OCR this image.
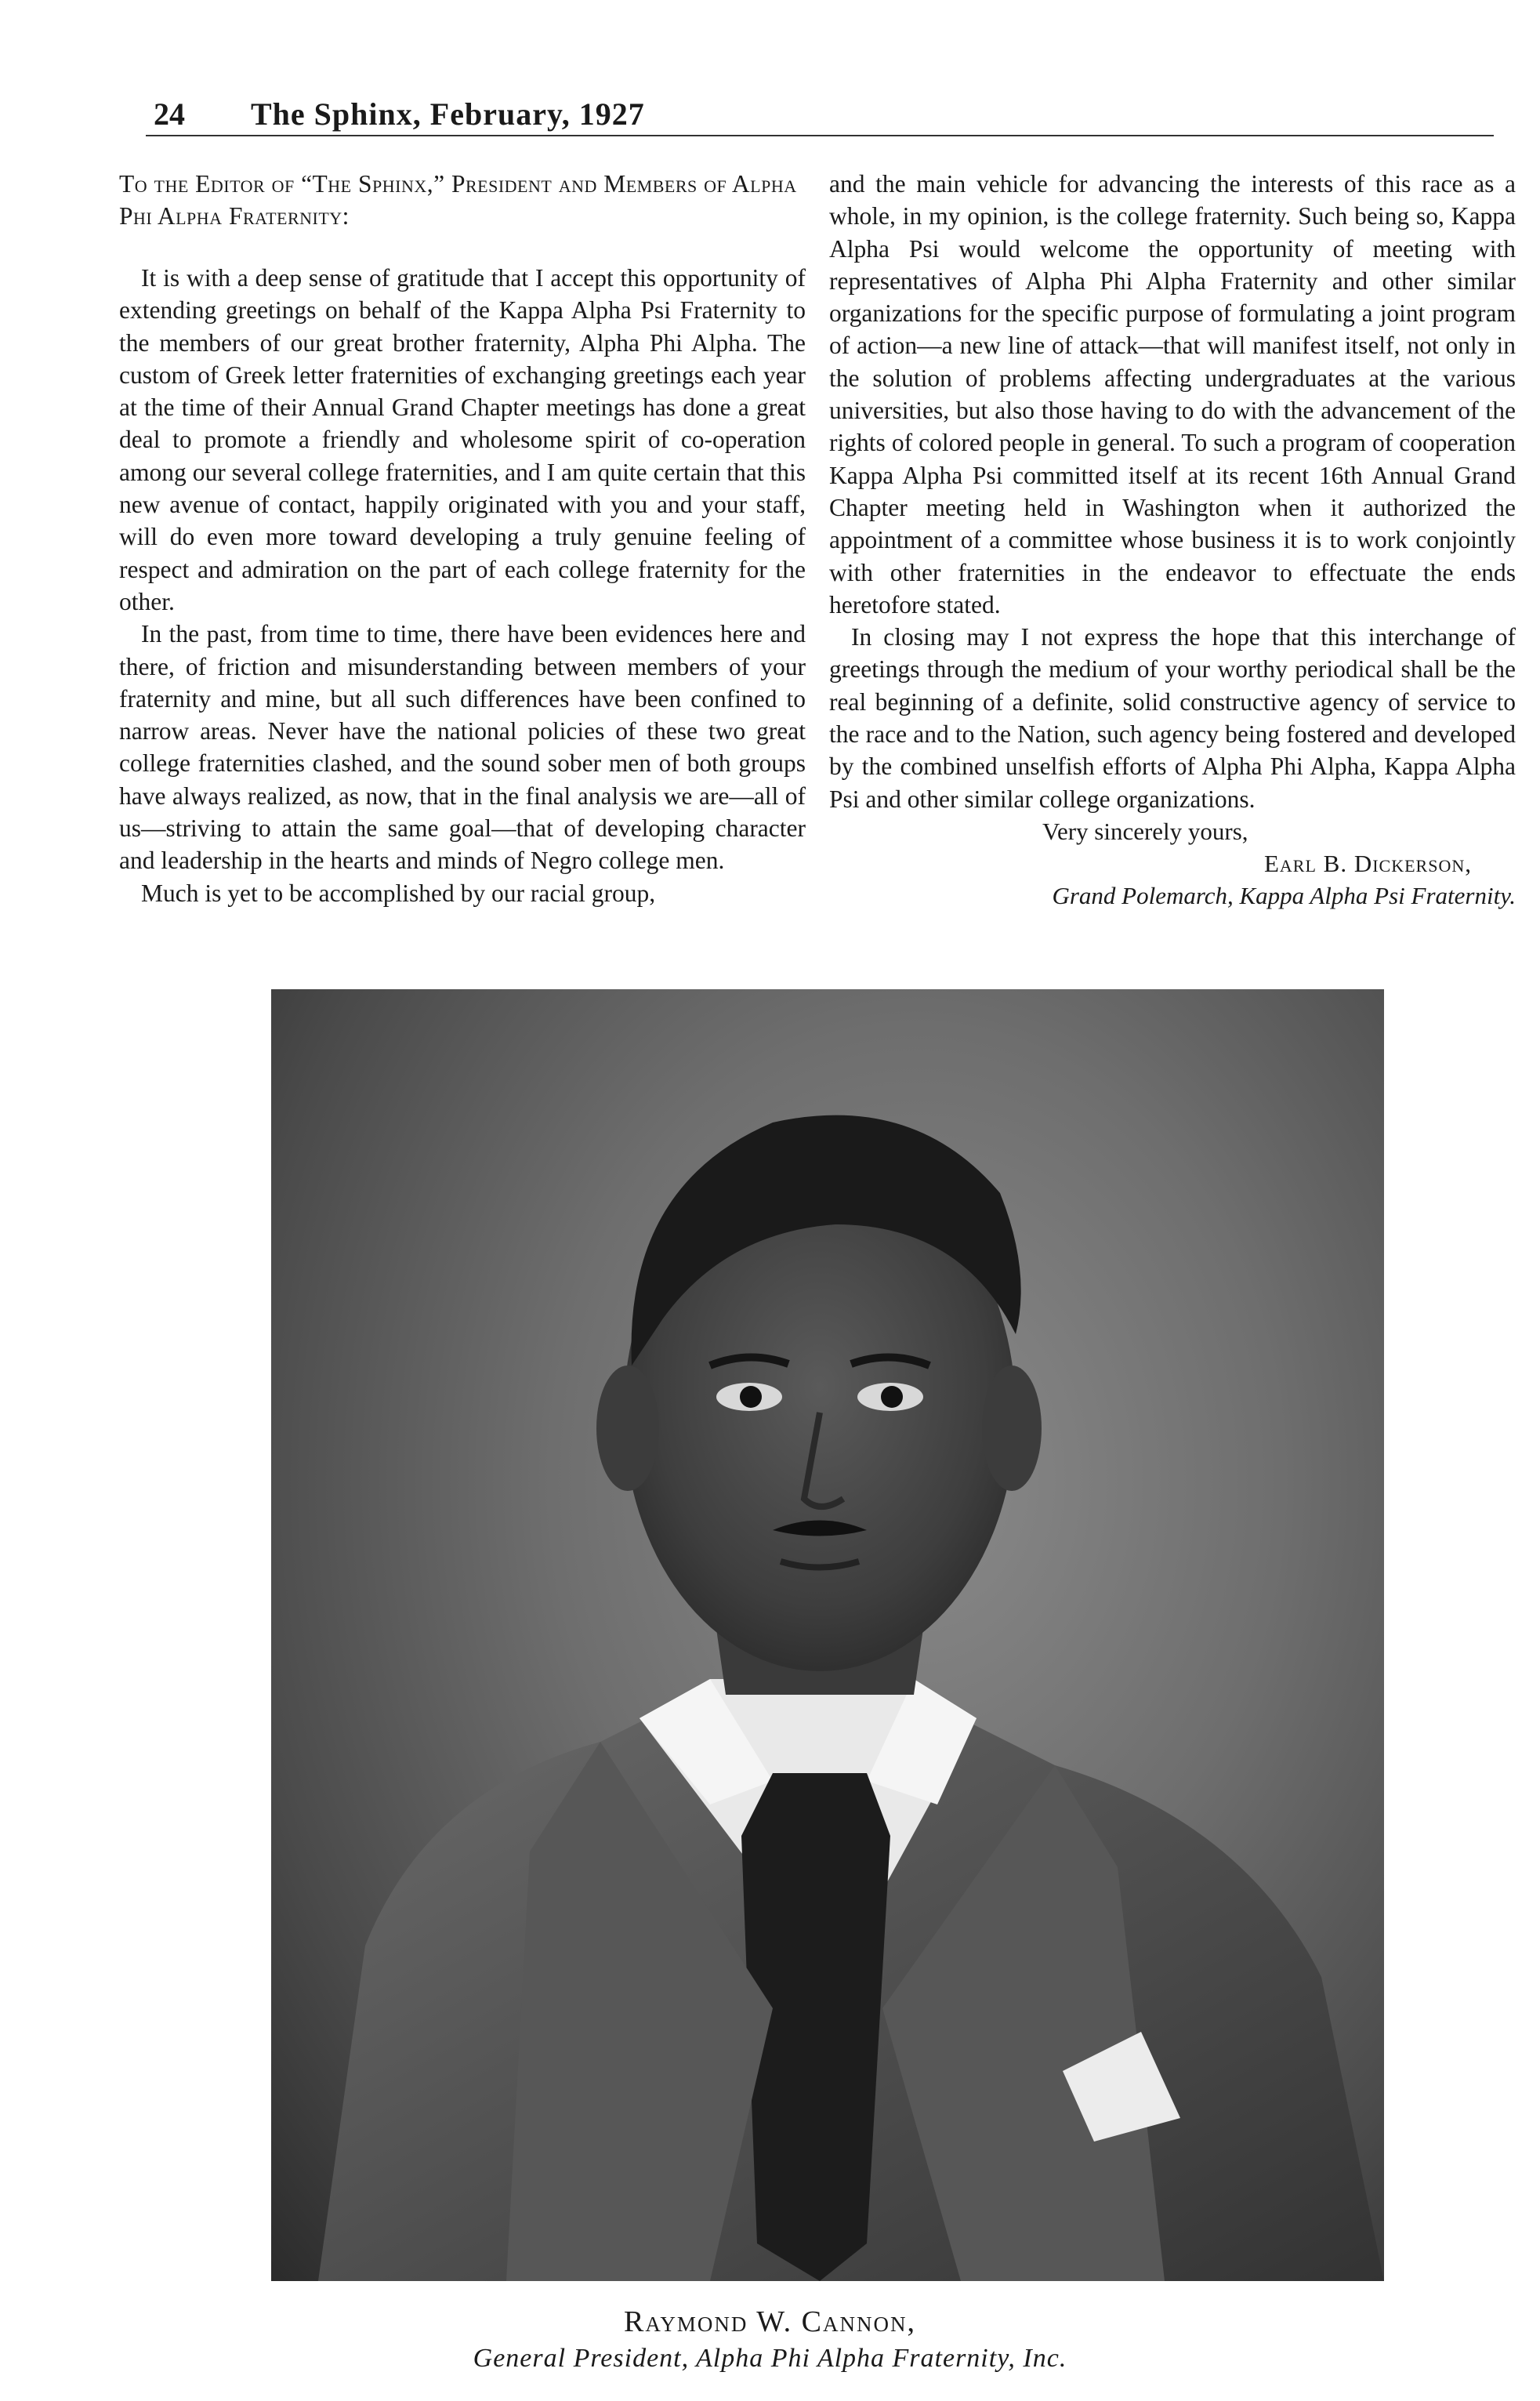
24 The Sphinx, February, 1927
To the Editor of “The Sphinx,” President and Members of Alpha Phi Alpha Fraternity:

It is with a deep sense of gratitude that I accept this opportunity of extending greetings on behalf of the Kappa Alpha Psi Fraternity to the members of our great brother fraternity, Alpha Phi Alpha. The custom of Greek letter fraternities of exchanging greetings each year at the time of their Annual Grand Chapter meetings has done a great deal to promote a friendly and wholesome spirit of co-operation among our several college fraternities, and I am quite certain that this new avenue of contact, happily originated with you and your staff, will do even more toward developing a truly genuine feeling of respect and admiration on the part of each college fraternity for the other.

In the past, from time to time, there have been evidences here and there, of friction and misunderstanding between members of your fraternity and mine, but all such differences have been confined to narrow areas. Never have the national policies of these two great college fraternities clashed, and the sound sober men of both groups have always realized, as now, that in the final analysis we are—all of us—striving to attain the same goal—that of developing character and leadership in the hearts and minds of Negro college men.

Much is yet to be accomplished by our racial group,

and the main vehicle for advancing the interests of this race as a whole, in my opinion, is the college fraternity. Such being so, Kappa Alpha Psi would welcome the opportunity of meeting with representatives of Alpha Phi Alpha Fraternity and other similar organizations for the specific purpose of formulating a joint program of action—a new line of attack—that will manifest itself, not only in the solution of problems affecting undergraduates at the various universities, but also those having to do with the advancement of the rights of colored people in general. To such a program of cooperation Kappa Alpha Psi committed itself at its recent 16th Annual Grand Chapter meeting held in Washington when it authorized the appointment of a committee whose business it is to work conjointly with other fraternities in the endeavor to effectuate the ends heretofore stated.

In closing may I not express the hope that this interchange of greetings through the medium of your worthy periodical shall be the real beginning of a definite, solid constructive agency of service to the race and to the Nation, such agency being fostered and developed by the combined unselfish efforts of Alpha Phi Alpha, Kappa Alpha Psi and other similar college organizations.

Very sincerely yours,
Earl B. Dickerson,
Grand Polemarch, Kappa Alpha Psi Fraternity.
Raymond W. Cannon,
General President, Alpha Phi Alpha Fraternity, Inc.
